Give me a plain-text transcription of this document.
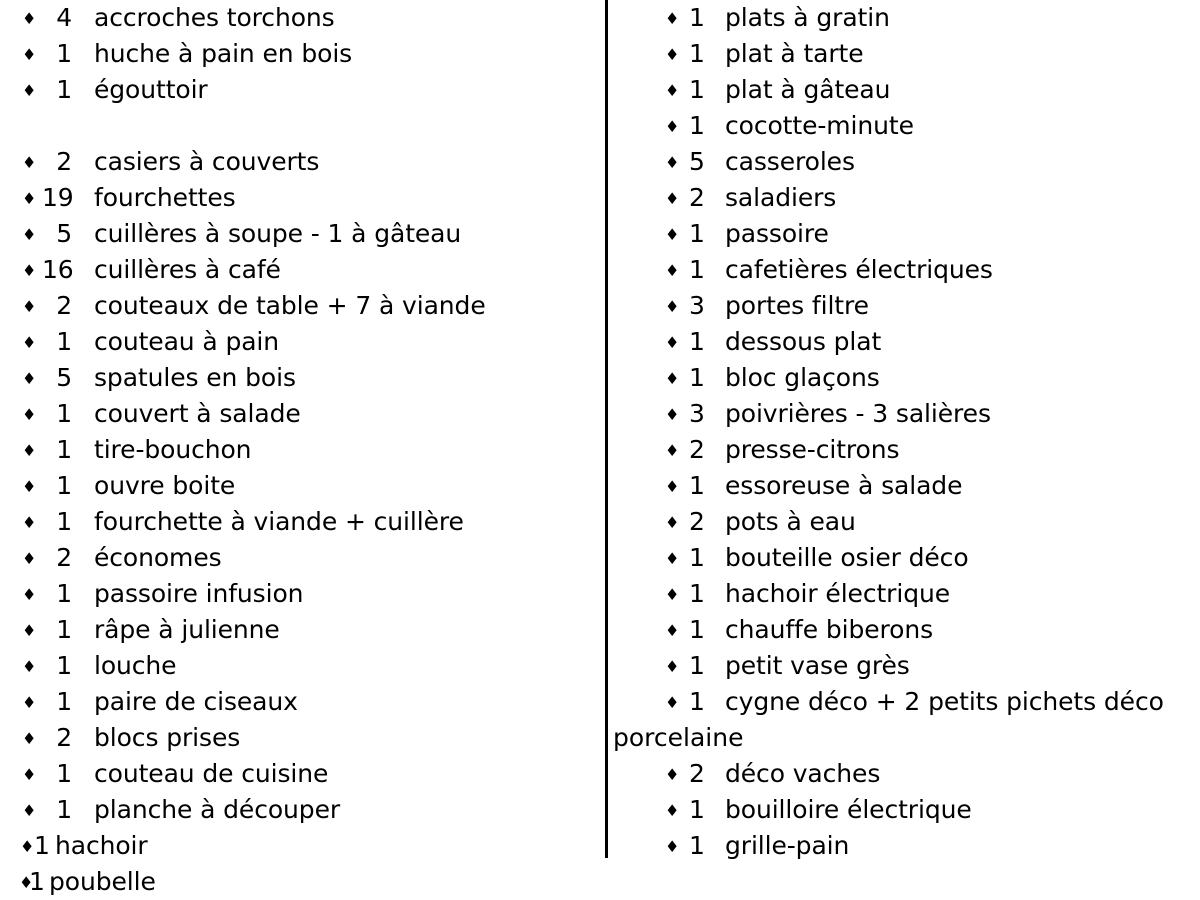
♦ 4 accroches torchons
♦ 1 huche à pain en bois
♦ 1 égouttoir
♦ 2 casiers à couverts
♦ 19 fourchettes
♦ 5 cuillères à soupe - 1 à gâteau
♦ 16 cuillères à café
♦ 2 couteaux de table + 7 à viande
♦ 1 couteau à pain
♦ 5 spatules en bois
♦ 1 couvert à salade
♦ 1 tire-bouchon
♦ 1 ouvre boite
♦ 1 fourchette à viande + cuillère
♦ 2 économes
♦ 1 passoire infusion
♦ 1 râpe à julienne
♦ 1 louche
♦ 1 paire de ciseaux
♦ 2 blocs prises
♦ 1 couteau de cuisine
♦ 1 planche à découper
♦ 1 hachoir
♦
1 poubelle
♦ 1 plats à gratin
♦ 1 plat à tarte
♦ 1 plat à gâteau
♦ 1 cocotte-minute
♦ 5 casseroles
♦ 2 saladiers
♦ 1 passoire
♦ 1 cafetières électriques
♦ 3 portes filtre
♦ 1 dessous plat
♦ 1 bloc glaçons
♦ 3 poivrières - 3 salières
♦ 2 presse-citrons
♦ 1 essoreuse à salade
♦ 2 pots à eau
♦ 1 bouteille osier déco
♦ 1 hachoir électrique
♦ 1 chauffe biberons
♦ 1 petit vase grès
♦ 1 cygne déco + 2 petits pichets déco
porcelaine
♦ 2 déco vaches
♦ 1 bouilloire électrique
♦ 1 grille-pain
